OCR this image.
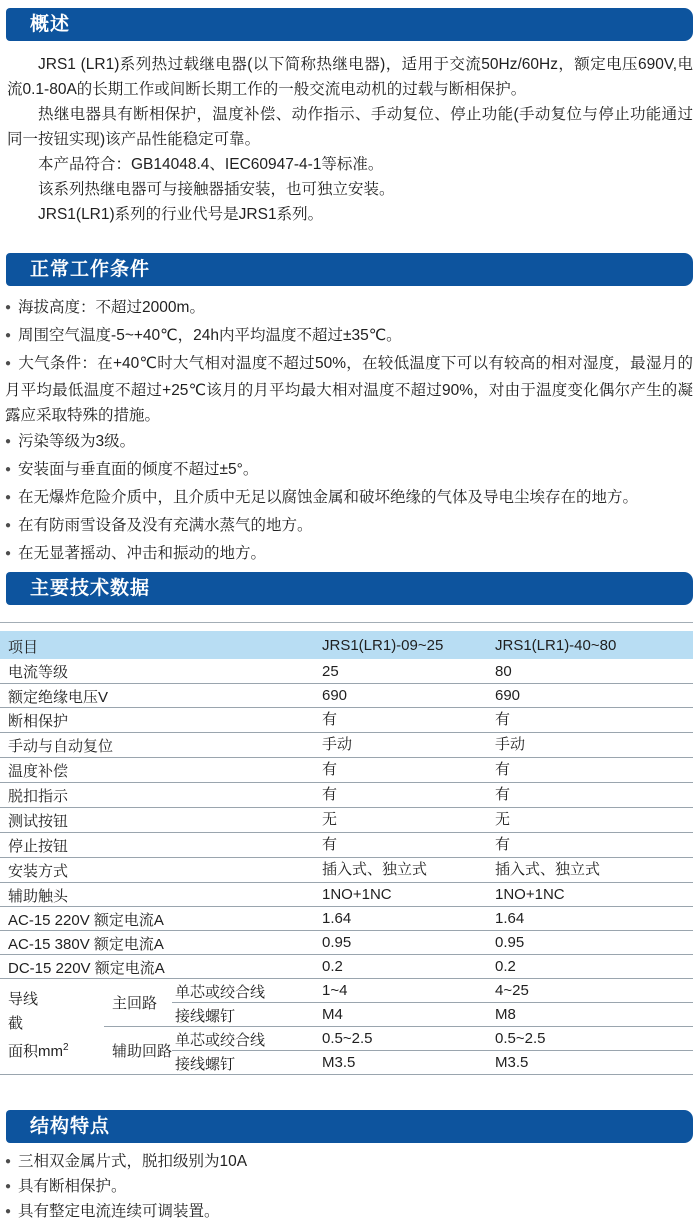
概述

JRS1 (LR1)系列热过载继电器(以下简称热继电器)，适用于交流50Hz/60Hz，额定电压690V,电流0.1-80A的长期工作或间断长期工作的一般交流电动机的过载与断相保护。

热继电器具有断相保护，温度补偿、动作指示、手动复位、停止功能(手动复位与停止功能通过同一按钮实现)该产品性能稳定可靠。

本产品符合：GB14048.4、IEC60947-4-1等标准。

该系列热继电器可与接触器插安装，也可独立安装。

JRS1(LR1)系列的行业代号是JRS1系列。

正常工作条件
● 海拔高度：不超过2000m。
● 周围空气温度-5~+40℃，24h内平均温度不超过±35℃。
● 大气条件：在+40℃时大气相对温度不超过50%，在较低温度下可以有较高的相对湿度，最湿月的月平均最低温度不超过+25℃该月的月平均最大相对温度不超过90%，对由于温度变化偶尔产生的凝露应采取特殊的措施。
● 污染等级为3级。
● 安装面与垂直面的倾度不超过±5°。
● 在无爆炸危险介质中，且介质中无足以腐蚀金属和破坏绝缘的气体及导电尘埃存在的地方。
● 在有防雨雪设备及没有充满水蒸气的地方。
● 在无显著摇动、冲击和振动的地方。
主要技术数据
项目			JRS1(LR1)-09~25	JRS1(LR1)-40~80
电流等级			25	80
额定绝缘电压V			690	690
断相保护			有	有
手动与自动复位			手动	手动
温度补偿			有	有
脱扣指示			有	有
测试按钮			无	无
停止按钮			有	有
安装方式			插入式、独立式	插入式、独立式
辅助触头			1NO+1NC	1NO+1NC
AC-15 220V 额定电流A			1.64	1.64
AC-15 380V 额定电流A			0.95	0.95
DC-15 220V 额定电流A			0.2	0.2
导线
截
面积$mm^2$	主回路	单芯或绞合线	1~4	4~25
		接线螺钉	M4	M8
	辅助回路	单芯或绞合线	0.5~2.5	0.5~2.5
		接线螺钉	M3.5	M3.5
结构特点
● 三相双金属片式，脱扣级别为10A
● 具有断相保护。
● 具有整定电流连续可调装置。
